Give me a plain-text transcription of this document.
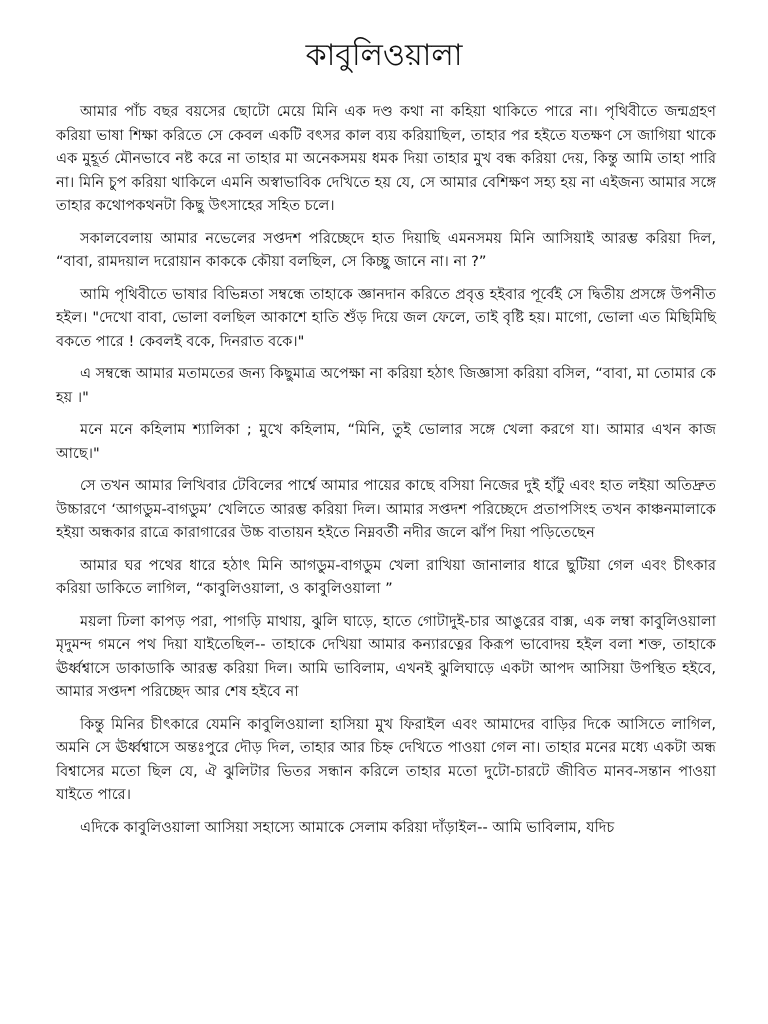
কাবুলিওয়ালা

আমার পাঁচ বছর বয়সের ছোটো মেয়ে মিনি এক দণ্ড কথা না কহিয়া থাকিতে পারে না। পৃথিবীতে জন্মগ্রহণ করিয়া ভাষা শিক্ষা করিতে সে কেবল একটি বৎসর কাল ব্যয় করিয়াছিল, তাহার পর হইতে যতক্ষণ সে জাগিয়া থাকে এক মুহূর্ত মৌনভাবে নষ্ট করে না তাহার মা অনেকসময় ধমক দিয়া তাহার মুখ বন্ধ করিয়া দেয়, কিন্তু আমি তাহা পারি না। মিনি চুপ করিয়া থাকিলে এমনি অস্বাভাবিক দেখিতে হয় যে, সে আমার বেশিক্ষণ সহ্য হয় না এইজন্য আমার সঙ্গে তাহার কথোপকথনটা কিছু উৎসাহের সহিত চলে।

সকালবেলায় আমার নভেলের সপ্তদশ পরিচ্ছেদে হাত দিয়াছি এমনসময় মিনি আসিয়াই আরম্ভ করিয়া দিল, “বাবা, রামদয়াল দরোয়ান কাককে কৌয়া বলছিল, সে কিচ্ছু জানে না। না ?”

আমি পৃথিবীতে ভাষার বিভিন্নতা সম্বন্ধে তাহাকে জ্ঞানদান করিতে প্রবৃত্ত হইবার পূর্বেই সে দ্বিতীয় প্রসঙ্গে উপনীত হইল। "দেখো বাবা, ভোলা বলছিল আকাশে হাতি শুঁড় দিয়ে জল ফেলে, তাই বৃষ্টি হয়। মাগো, ভোলা এত মিছিমিছি বকতে পারে ! কেবলই বকে, দিনরাত বকে।"

এ সম্বন্ধে আমার মতামতের জন্য কিছুমাত্র অপেক্ষা না করিয়া হঠাৎ জিজ্ঞাসা করিয়া বসিল, “বাবা, মা তোমার কে হয় ।"

মনে মনে কহিলাম শ্যালিকা ; মুখে কহিলাম, “মিনি, তুই ভোলার সঙ্গে খেলা করগে যা। আমার এখন কাজ আছে।"

সে তখন আমার লিখিবার টেবিলের পার্শ্বে আমার পায়ের কাছে বসিয়া নিজের দুই হাঁটু এবং হাত লইয়া অতিদ্রুত উচ্চারণে ‘আগডুম-বাগডুম’ খেলিতে আরম্ভ করিয়া দিল। আমার সপ্তদশ পরিচ্ছেদে প্রতাপসিংহ তখন কাঞ্চনমালাকে হইয়া অন্ধকার রাত্রে কারাগারের উচ্চ বাতায়ন হইতে নিম্নবর্তী নদীর জলে ঝাঁপ দিয়া পড়িতেছেন

আমার ঘর পথের ধারে হঠাৎ মিনি আগডুম-বাগডুম খেলা রাখিয়া জানালার ধারে ছুটিয়া গেল এবং চীৎকার করিয়া ডাকিতে লাগিল, “কাবুলিওয়ালা, ও কাবুলিওয়ালা ”

ময়লা ঢিলা কাপড় পরা, পাগড়ি মাথায়, ঝুলি ঘাড়ে, হাতে গোটাদুই-চার আঙুরের বাক্স, এক লম্বা কাবুলিওয়ালা মৃদুমন্দ গমনে পথ দিয়া যাইতেছিল-- তাহাকে দেখিয়া আমার কন্যারত্নের কিরূপ ভাবোদয় হইল বলা শক্ত, তাহাকে ঊর্ধ্বশ্বাসে ডাকাডাকি আরম্ভ করিয়া দিল। আমি ভাবিলাম, এখনই ঝুলিঘাড়ে একটা আপদ আসিয়া উপস্থিত হইবে, আমার সপ্তদশ পরিচ্ছেদ আর শেষ হইবে না

কিন্তু মিনির চীৎকারে যেমনি কাবুলিওয়ালা হাসিয়া মুখ ফিরাইল এবং আমাদের বাড়ির দিকে আসিতে লাগিল, অমনি সে ঊর্ধ্বশ্বাসে অন্তঃপুরে দৌড় দিল, তাহার আর চিহ্ন দেখিতে পাওয়া গেল না। তাহার মনের মধ্যে একটা অন্ধ বিশ্বাসের মতো ছিল যে, ঐ ঝুলিটার ভিতর সন্ধান করিলে তাহার মতো দুটো-চারটে জীবিত মানব-সন্তান পাওয়া যাইতে পারে।

এদিকে কাবুলিওয়ালা আসিয়া সহাস্যে আমাকে সেলাম করিয়া দাঁড়াইল-- আমি ভাবিলাম, যদিচ
